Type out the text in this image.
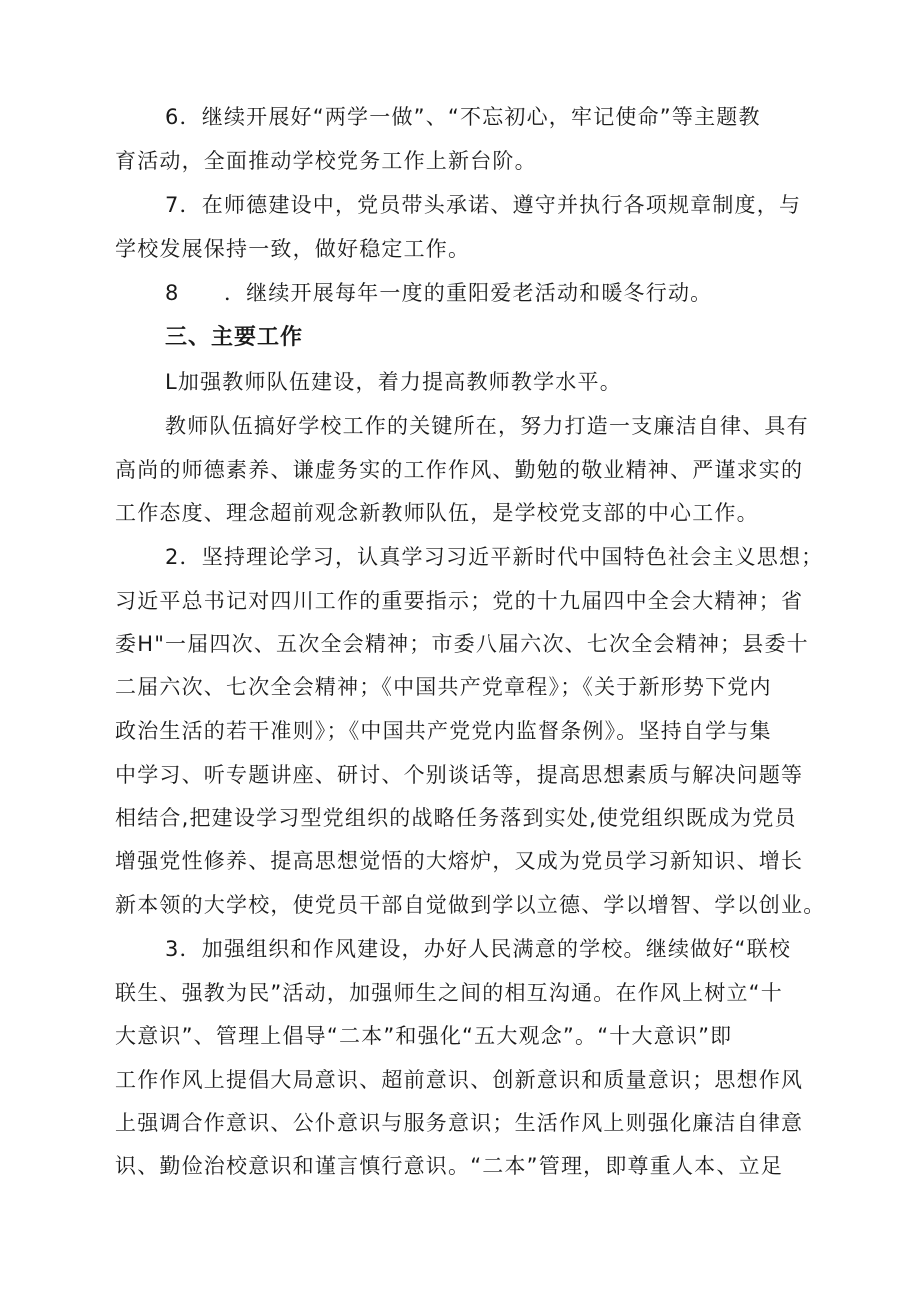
6．继续开展好“两学一做”、“不忘初心，牢记使命”等主题教
育活动，全面推动学校党务工作上新台阶。
7．在师德建设中，党员带头承诺、遵守并执行各项规章制度，与
学校发展保持一致，做好稳定工作。
8　　．继续开展每年一度的重阳爱老活动和暖冬行动。
三、主要工作
L加强教师队伍建设，着力提高教师教学水平。
教师队伍搞好学校工作的关键所在，努力打造一支廉洁自律、具有
高尚的师德素养、谦虚务实的工作作风、勤勉的敬业精神、严谨求实的
工作态度、理念超前观念新教师队伍，是学校党支部的中心工作。
2．坚持理论学习，认真学习习近平新时代中国特色社会主义思想；
习近平总书记对四川工作的重要指示；党的十九届四中全会大精神；省
委H"一届四次、五次全会精神；市委八届六次、七次全会精神；县委十
二届六次、七次全会精神；《中国共产党章程》；《关于新形势下党内
政治生活的若干准则》；《中国共产党党内监督条例》。坚持自学与集
中学习、听专题讲座、研讨、个别谈话等，提高思想素质与解决问题等
相结合,把建设学习型党组织的战略任务落到实处,使党组织既成为党员
增强党性修养、提高思想觉悟的大熔炉，又成为党员学习新知识、增长
新本领的大学校，使党员干部自觉做到学以立德、学以增智、学以创业。
3．加强组织和作风建设，办好人民满意的学校。继续做好“联校
联生、强教为民”活动，加强师生之间的相互沟通。在作风上树立“十
大意识”、管理上倡导“二本”和强化“五大观念”。“十大意识”即
工作作风上提倡大局意识、超前意识、创新意识和质量意识；思想作风
上强调合作意识、公仆意识与服务意识；生活作风上则强化廉洁自律意
识、勤俭治校意识和谨言慎行意识。“二本”管理，即尊重人本、立足
